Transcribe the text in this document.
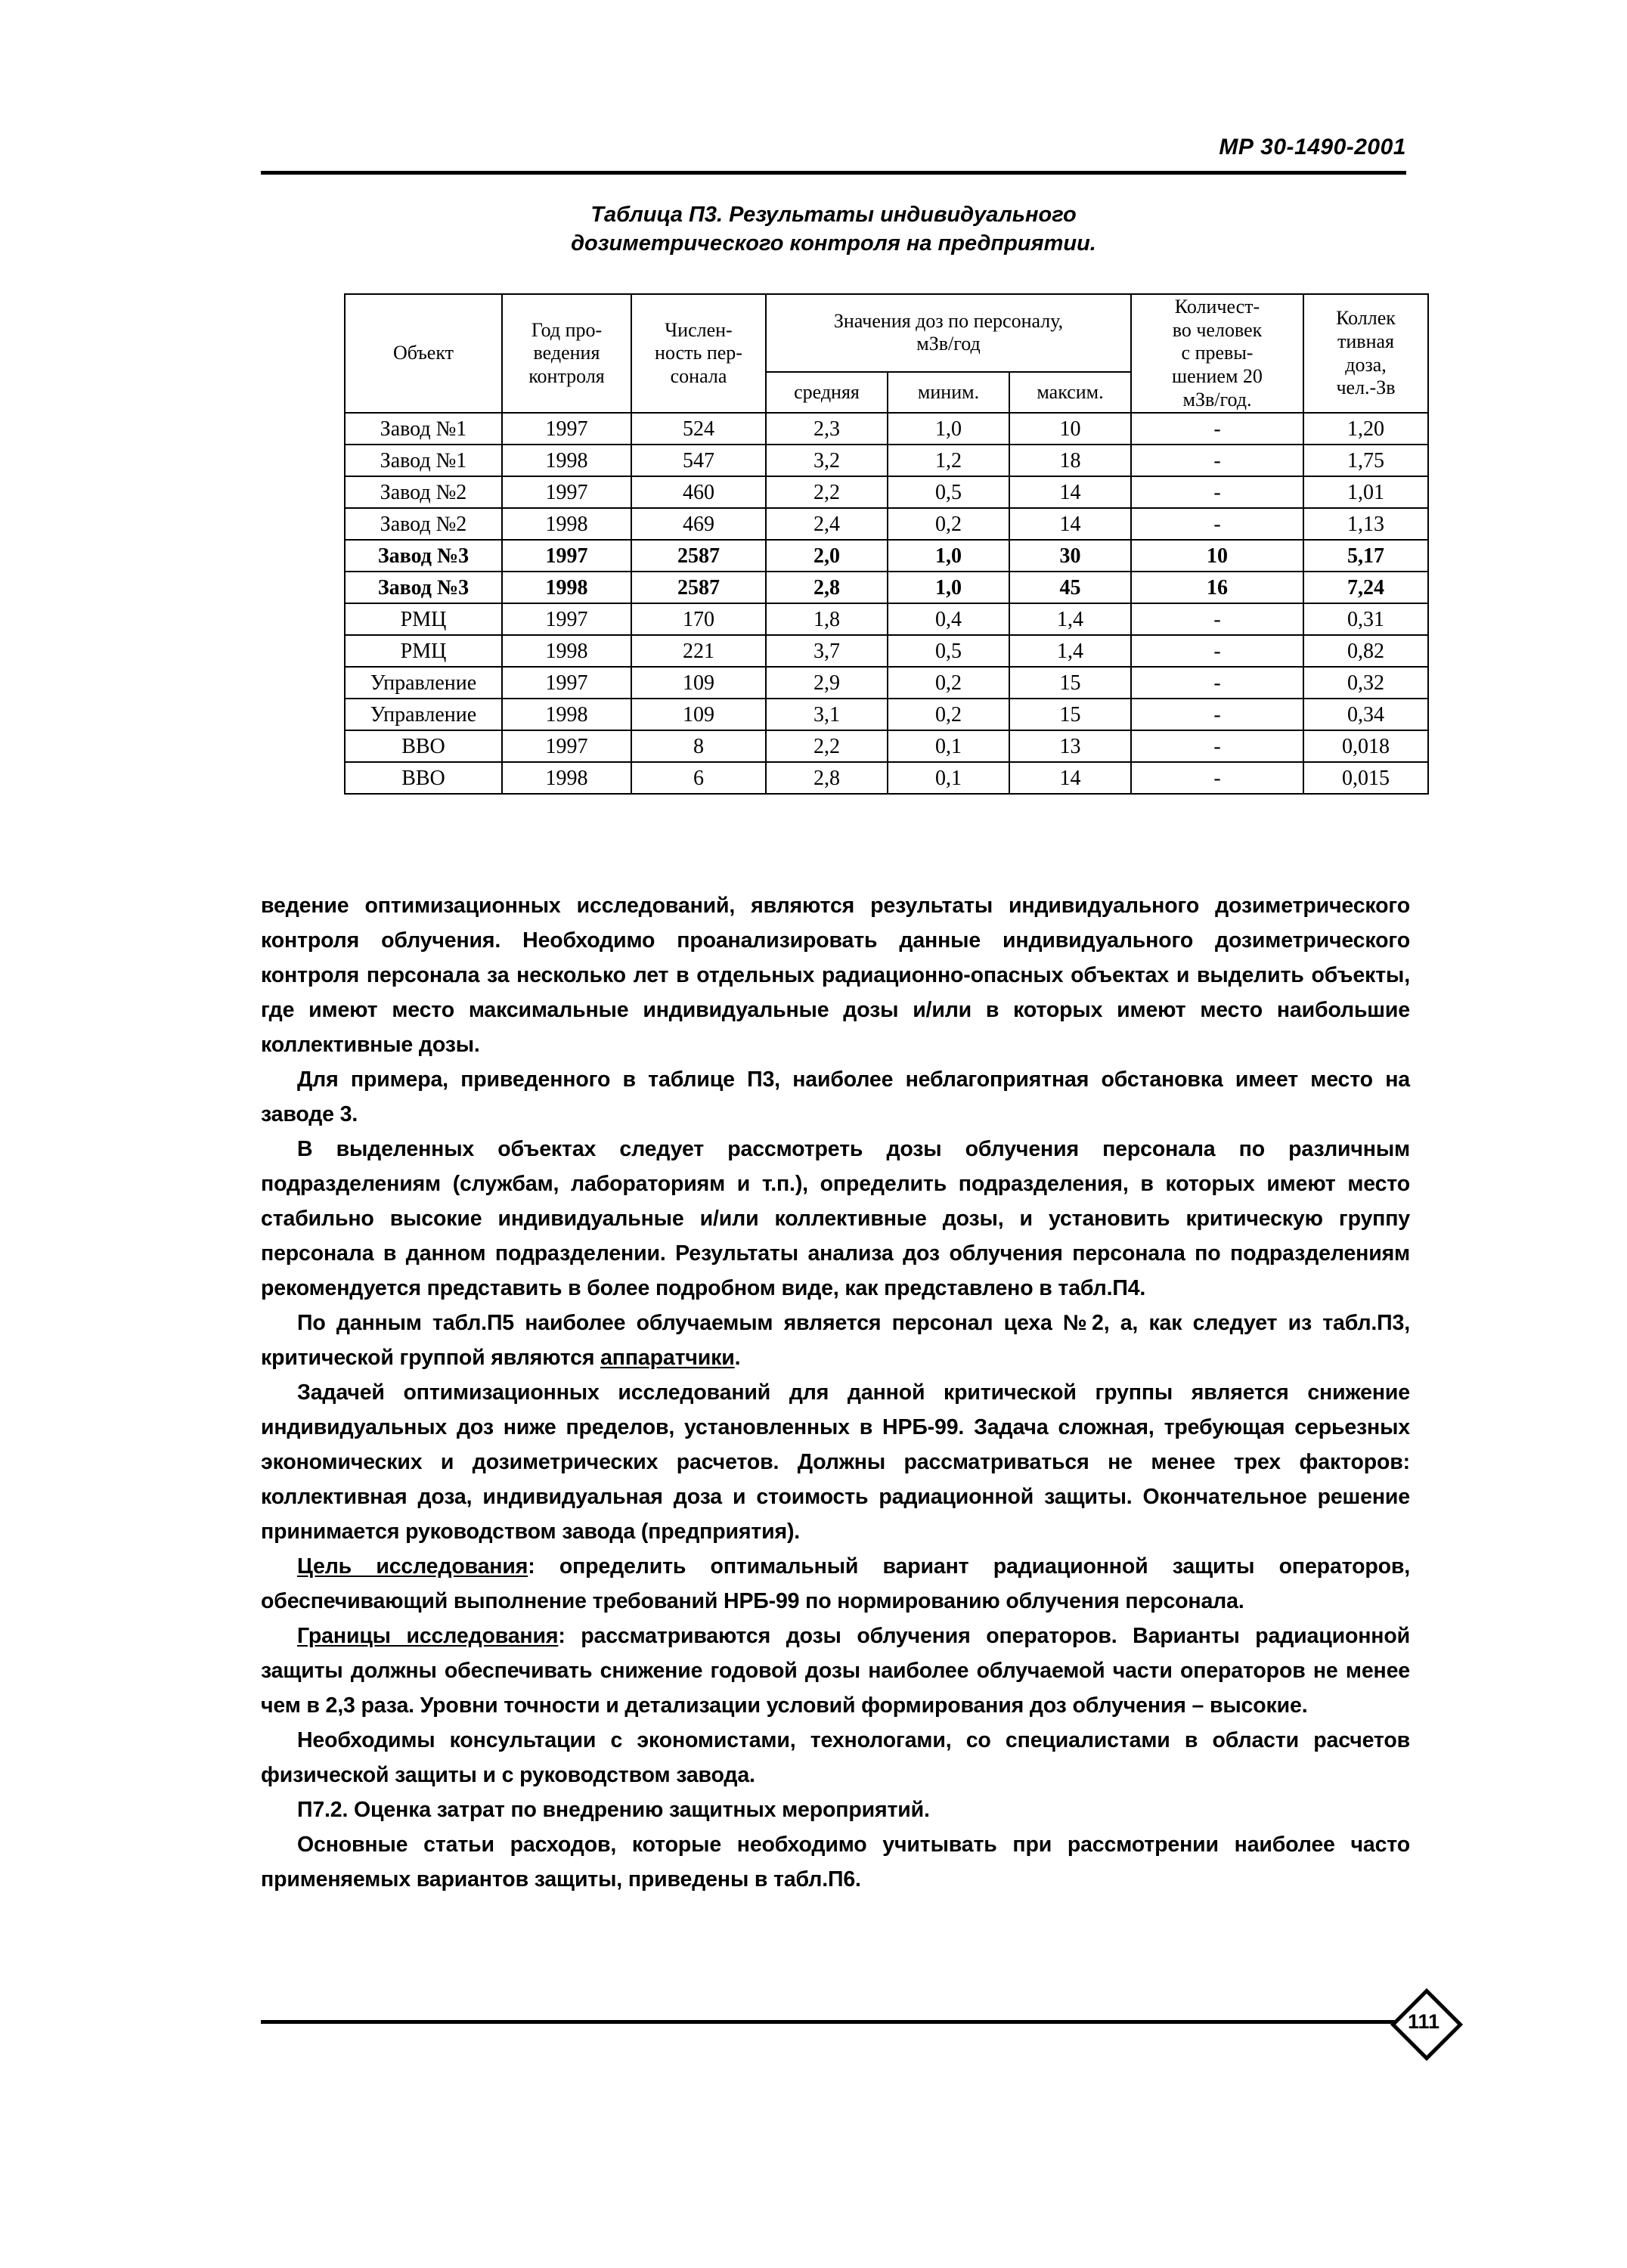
МР 30-1490-2001
Таблица П3. Результаты индивидуального
дозиметрического контроля на предприятии.
Объект	
Год про-
ведения
контроля

Числен-
ность пер-
сонала

Значения доз по персоналу,
мЗв/год

Количест-
во человек
с превы-
шением 20
мЗв/год.

Коллек
тивная
доза,
чел.-Зв

			средняя	миним.	максим.		
Завод №1	1997	524	2,3	1,0	10	-	1,20
Завод №1	1998	547	3,2	1,2	18	-	1,75
Завод №2	1997	460	2,2	0,5	14	-	1,01
Завод №2	1998	469	2,4	0,2	14	-	1,13
Завод №3	1997	2587	2,0	1,0	30	10	5,17
Завод №3	1998	2587	2,8	1,0	45	16	7,24
РМЦ	1997	170	1,8	0,4	1,4	-	0,31
РМЦ	1998	221	3,7	0,5	1,4	-	0,82
Управление	1997	109	2,9	0,2	15	-	0,32
Управление	1998	109	3,1	0,2	15	-	0,34
ВВО	1997	8	2,2	0,1	13	-	0,018
ВВО	1998	6	2,8	0,1	14	-	0,015

ведение оптимизационных исследований, являются результаты индивидуального дозиметрического контроля облучения. Необходимо проанализировать данные индивидуального дозиметрического контроля персонала за несколько лет в отдельных радиационно-опасных объектах и выделить объекты, где имеют место максимальные индивидуальные дозы и/или в которых имеют место наибольшие коллективные дозы.

Для примера, приведенного в таблице П3, наиболее неблагоприятная обстановка имеет место на заводе 3.

В выделенных объектах следует рассмотреть дозы облучения персонала по различным подразделениям (службам, лабораториям и т.п.), определить подразделения, в которых имеют место стабильно высокие индивидуальные и/или коллективные дозы, и установить критическую группу персонала в данном подразделении. Результаты анализа доз облучения персонала по подразделениям рекомендуется представить в более подробном виде, как представлено в табл.П4.

По данным табл.П5 наиболее облучаемым является персонал цеха №2, а, как следует из табл.П3, критической группой являются аппаратчики.

Задачей оптимизационных исследований для данной критической группы является снижение индивидуальных доз ниже пределов, установленных в НРБ-99. Задача сложная, требующая серьезных экономических и дозиметрических расчетов. Должны рассматриваться не менее трех факторов: коллективная доза, индивидуальная доза и стоимость радиационной защиты. Окончательное решение принимается руководством завода (предприятия).

Цель исследования: определить оптимальный вариант радиационной защиты операторов, обеспечивающий выполнение требований НРБ-99 по нормированию облучения персонала.

Границы исследования: рассматриваются дозы облучения операторов. Варианты радиационной защиты должны обеспечивать снижение годовой дозы наиболее облучаемой части операторов не менее чем в 2,3 раза. Уровни точности и детализации условий формирования доз облучения – высокие.

Необходимы консультации с экономистами, технологами, со специалистами в области расчетов физической защиты и с руководством завода.

П7.2. Оценка затрат по внедрению защитных мероприятий.

Основные статьи расходов, которые необходимо учитывать при рассмотрении наиболее часто применяемых вариантов защиты, приведены в табл.П6.

111
